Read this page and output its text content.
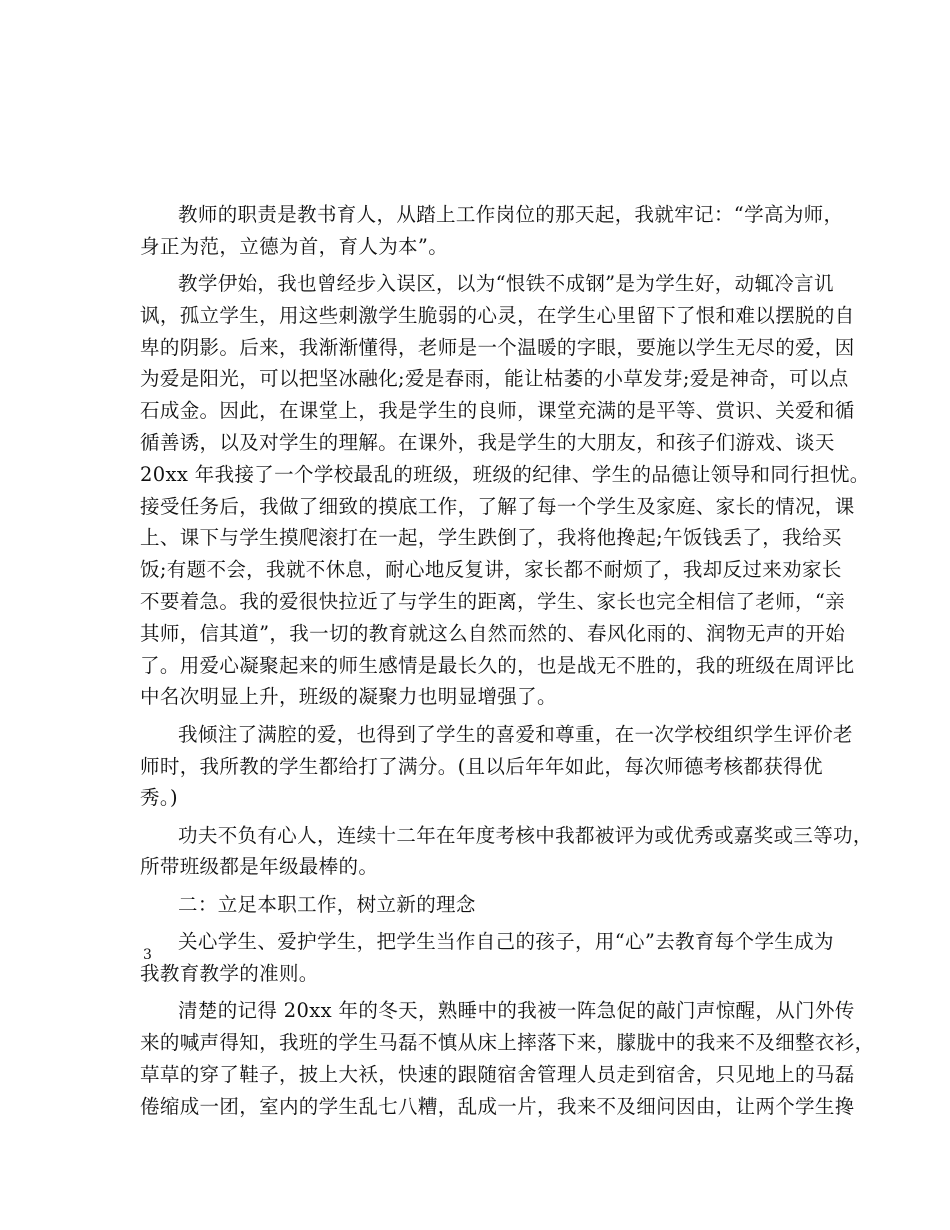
教师的职责是教书育人，从踏上工作岗位的那天起，我就牢记：“学高为师，
身正为范，立德为首，育人为本”。
教学伊始，我也曾经步入误区，以为“恨铁不成钢”是为学生好，动辄冷言讥
讽，孤立学生，用这些刺激学生脆弱的心灵，在学生心里留下了恨和难以摆脱的自
卑的阴影。后来，我渐渐懂得，老师是一个温暖的字眼，要施以学生无尽的爱，因
为爱是阳光，可以把坚冰融化;爱是春雨，能让枯萎的小草发芽;爱是神奇，可以点
石成金。因此，在课堂上，我是学生的良师，课堂充满的是平等、赏识、关爱和循
循善诱，以及对学生的理解。在课外，我是学生的大朋友，和孩子们游戏、谈天
20xx 年我接了一个学校最乱的班级，班级的纪律、学生的品德让领导和同行担忧。
接受任务后，我做了细致的摸底工作，了解了每一个学生及家庭、家长的情况，课
上、课下与学生摸爬滚打在一起，学生跌倒了，我将他搀起;午饭钱丢了，我给买
饭;有题不会，我就不休息，耐心地反复讲，家长都不耐烦了，我却反过来劝家长
不要着急。我的爱很快拉近了与学生的距离，学生、家长也完全相信了老师，“亲
其师，信其道”，我一切的教育就这么自然而然的、春风化雨的、润物无声的开始
了。用爱心凝聚起来的师生感情是最长久的，也是战无不胜的，我的班级在周评比
中名次明显上升，班级的凝聚力也明显增强了。
我倾注了满腔的爱，也得到了学生的喜爱和尊重，在一次学校组织学生评价老
师时，我所教的学生都给打了满分。(且以后年年如此，每次师德考核都获得优
秀。)
功夫不负有心人，连续十二年在年度考核中我都被评为或优秀或嘉奖或三等功，
所带班级都是年级最棒的。
二：立足本职工作，树立新的理念
关心学生、爱护学生，把学生当作自己的孩子，用“心”去教育每个学生成为
我教育教学的准则。
清楚的记得 20xx 年的冬天，熟睡中的我被一阵急促的敲门声惊醒，从门外传
来的喊声得知，我班的学生马磊不慎从床上摔落下来，朦胧中的我来不及细整衣衫，
草草的穿了鞋子，披上大袄，快速的跟随宿舍管理人员走到宿舍，只见地上的马磊
倦缩成一团，室内的学生乱七八糟，乱成一片，我来不及细问因由，让两个学生搀
3
